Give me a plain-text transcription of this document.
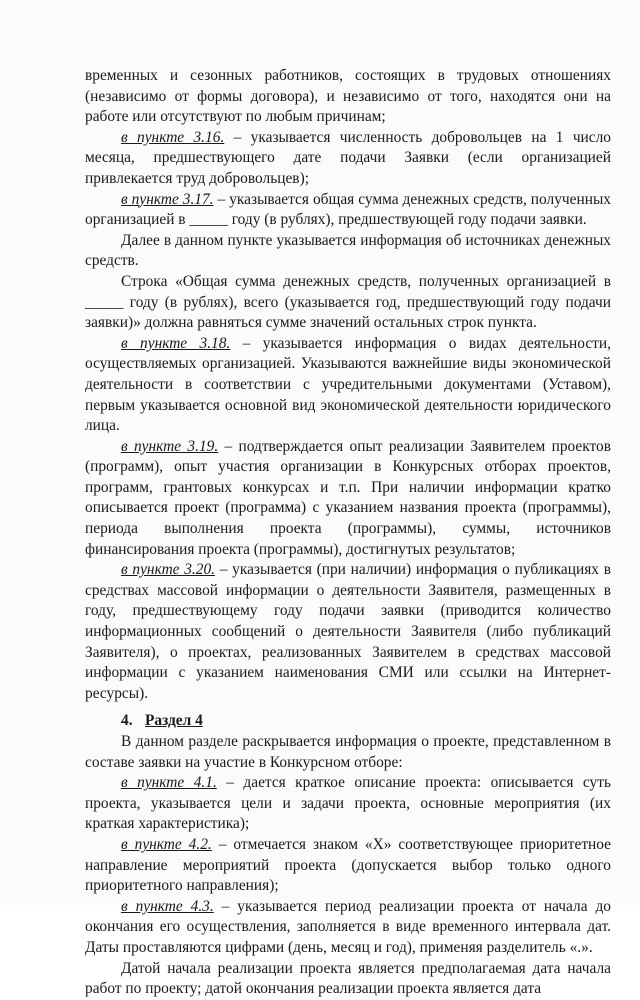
временных и сезонных работников, состоящих в трудовых отношениях (независимо от формы договора), и независимо от того, находятся они на работе или отсутствуют по любым причинам;

в пункте 3.16. – указывается численность добровольцев на 1 число месяца, предшествующего дате подачи Заявки (если организацией привлекается труд добровольцев);

в пункте 3.17. – указывается общая сумма денежных средств, полученных организацией в _____ году (в рублях), предшествующей году подачи заявки.

Далее в данном пункте указывается информация об источниках денежных средств.

Строка «Общая сумма денежных средств, полученных организацией в _____ году (в рублях), всего (указывается год, предшествующий году подачи заявки)» должна равняться сумме значений остальных строк пункта.

в пункте 3.18. – указывается информация о видах деятельности, осуществляемых организацией. Указываются важнейшие виды экономической деятельности в соответствии с учредительными документами (Уставом), первым указывается основной вид экономической деятельности юридического лица.

в пункте 3.19. – подтверждается опыт реализации Заявителем проектов (программ), опыт участия организации в Конкурсных отборах проектов, программ, грантовых конкурсах и т.п. При наличии информации кратко описывается проект (программа) с указанием названия проекта (программы), периода выполнения проекта (программы), суммы, источников финансирования проекта (программы), достигнутых результатов;

в пункте 3.20. – указывается (при наличии) информация о публикациях в средствах массовой информации о деятельности Заявителя, размещенных в году, предшествующему году подачи заявки (приводится количество информационных сообщений о деятельности Заявителя (либо публикаций Заявителя), о проектах, реализованных Заявителем в средствах массовой информации с указанием наименования СМИ или ссылки на Интернет-ресурсы).

4. Раздел 4

В данном разделе раскрывается информация о проекте, представленном в составе заявки на участие в Конкурсном отборе:

в пункте 4.1. – дается краткое описание проекта: описывается суть проекта, указывается цели и задачи проекта, основные мероприятия (их краткая характеристика);

в пункте 4.2. – отмечается знаком «Х» соответствующее приоритетное направление мероприятий проекта (допускается выбор только одного приоритетного направления);

в пункте 4.3. – указывается период реализации проекта от начала до окончания его осуществления, заполняется в виде временного интервала дат. Даты проставляются цифрами (день, месяц и год), применяя разделитель «.».

Датой начала реализации проекта является предполагаемая дата начала работ по проекту; датой окончания реализации проекта является дата
